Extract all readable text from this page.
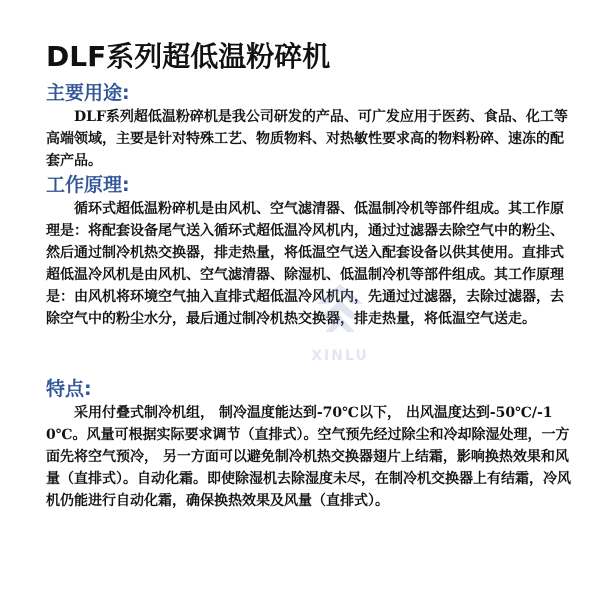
DLF系列超低温粉碎机
主要用途:
DLF系列超低温粉碎机是我公司研发的产品、可广发应用于医药、食品、化工等高端领域，主要是针对特殊工艺、物质物料、对热敏性要求高的物料粉碎、速冻的配套产品。
工作原理:
循环式超低温粉碎机是由风机、空气滤清器、低温制冷机等部件组成。其工作原理是：将配套设备尾气送入循环式超低温冷风机内，通过过滤器去除空气中的粉尘、然后通过制冷机热交换器，排走热量，将低温空气送入配套设备以供其使用。直排式超低温冷风机是由风机、空气滤清器、除湿机、低温制冷机等部件组成。其工作原理是：由风机将环境空气抽入直排式超低温冷风机内，先通过过滤器，去除过滤器，去除空气中的粉尘水分，最后通过制冷机热交换器，排走热量，将低温空气送走。
特点:
采用付叠式制冷机组， 制冷温度能达到-70℃以下， 出风温度达到-50℃/-10℃。风量可根据实际要求调节（直排式）。空气预先经过除尘和冷却除湿处理，一方面先将空气预冷， 另一方面可以避免制冷机热交换器翅片上结霜，影响换热效果和风量（直排式）。自动化霜。即使除湿机去除湿度未尽，在制冷机交换器上有结霜，冷风机仍能进行自动化霜，确保换热效果及风量（直排式）。
XINLU
